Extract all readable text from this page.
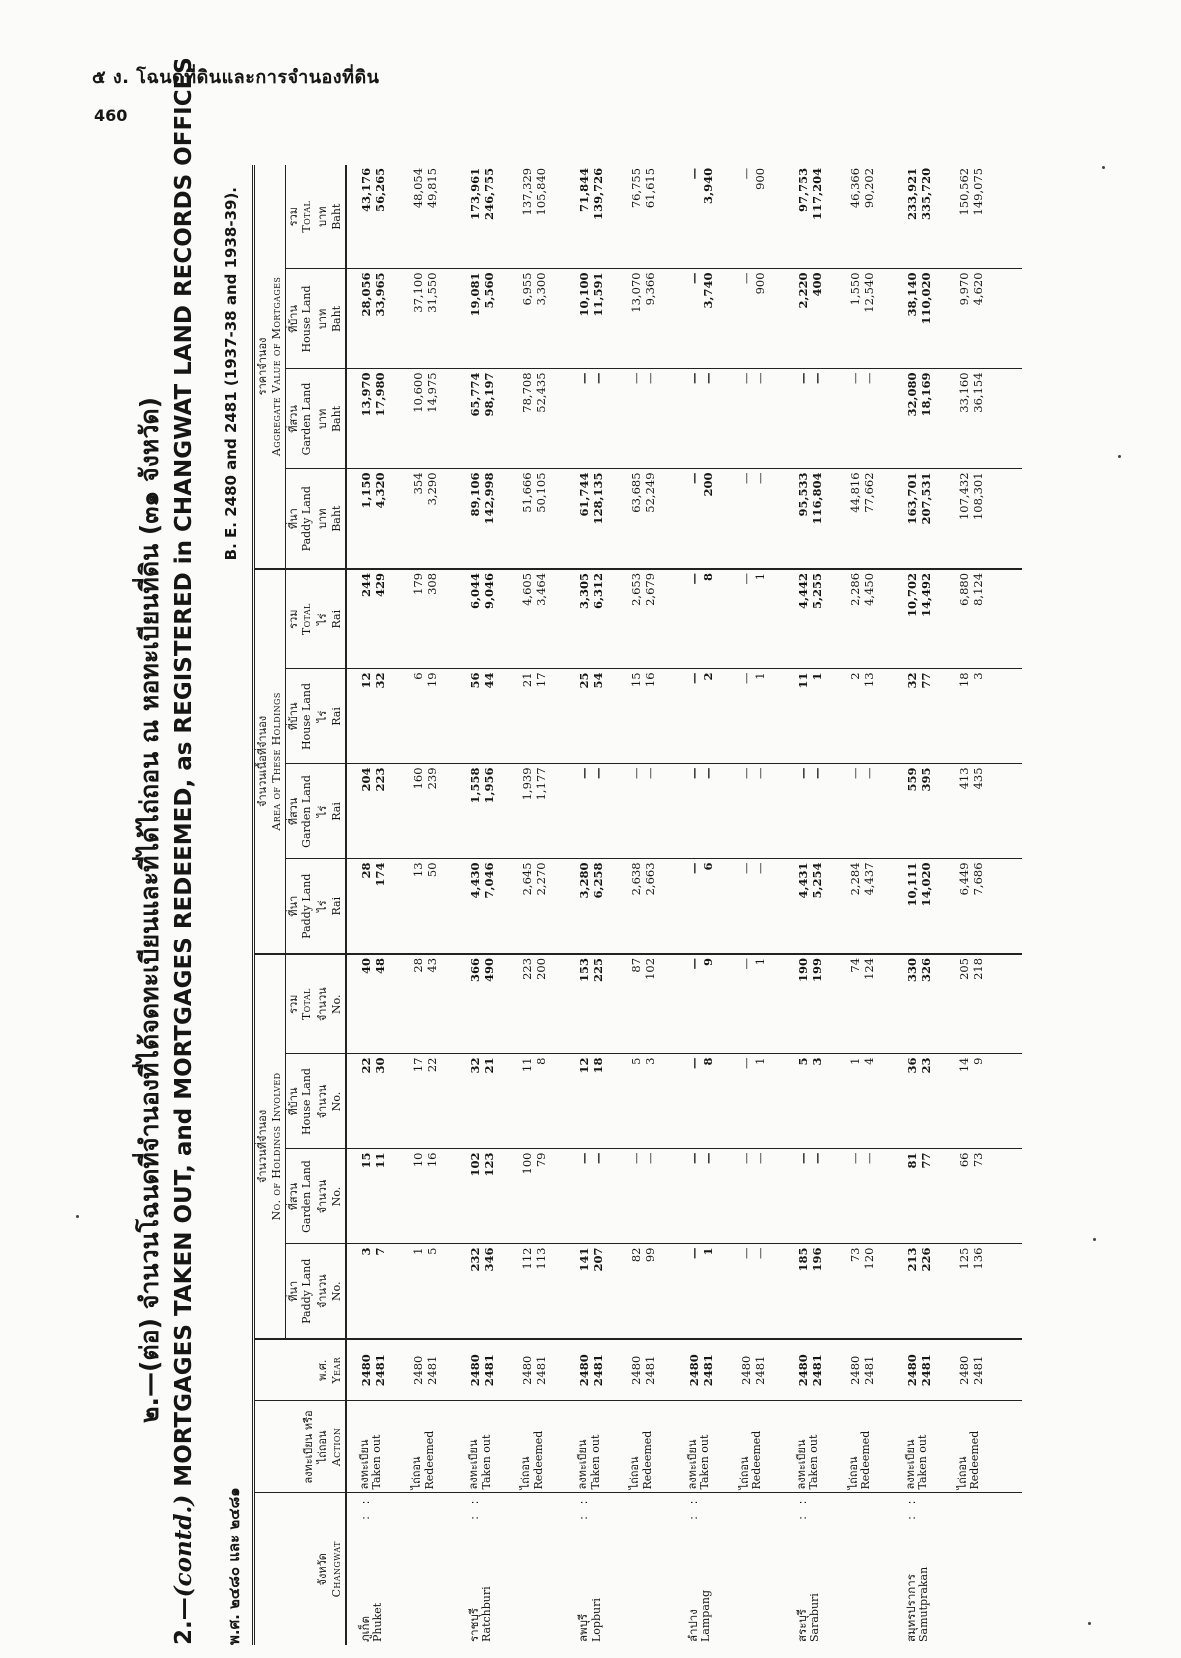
๕ ง. โฉนดที่ดินและการจำนองที่ดิน
460
๒.—(ต่อ) จำนวนโฉนดที่จำนองที่ได้จดทะเบียนและที่ได้ไถ่ถอน ณ หอทะเบียนที่ดิน (๓๑ จังหวัด)
2.—(contd.) MORTGAGES TAKEN OUT, and MORTGAGES REDEEMED, as REGISTERED in CHANGWAT LAND RECORDS OFFICES
พ.ศ. ๒๔๘๐ และ ๒๔๘๑
B. E. 2480 and 2481 (1937-38 and 1938-39).
จังหวัด Changwat	ลงทะเบียน หรือ ไถ่ถอน Action	พ.ศ. Year	จำนวนที่จำนอง No. of Holdings Involved				จำนวนเนื้อที่จำนอง Area of These Holdings				ราคาจำนอง Aggregate Value of Mortgages			

			ที่นา Paddy Land	ที่สวน Garden Land	ที่บ้าน House Land	รวม Total	ที่นา Paddy Land	ที่สวน Garden Land	ที่บ้าน House Land	รวม Total	ที่นา Paddy Land	ที่สวน Garden Land	ที่บ้าน House Land	รวม Total

			จำนวน No.	จำนวน No.	จำนวน No.	จำนวน No.	ไร่ Rai	ไร่ Rai	ไร่ Rai	ไร่ Rai	บาท Baht	บาท Baht	บาท Baht	บาท Baht

: :
ภูเก็ต Phuket	ลงทะเบียน Taken out	2480 2481	3 7	15 11	22 30	40 48	28 174	204 223	12 32	244 429	1,150 4,320	13,970 17,980	28,056 33,965	43,176 56,265

	ไถ่ถอน Redeemed	2480 2481	1 5	10 16	17 22	28 43	13 50	160 239	6 19	179 308	354 3,290	10,600 14,975	37,100 31,550	48,054 49,815

: :
ราชบุรี Ratchburi	ลงทะเบียน Taken out	2480 2481	232 346	102 123	32 21	366 490	4,430 7,046	1,558 1,956	56 44	6,044 9,046	89,106 142,998	65,774 98,197	19,081 5,560	173,961 246,755

	ไถ่ถอน Redeemed	2480 2481	112 113	100 79	11 8	223 200	2,645 2,270	1,939 1,177	21 17	4,605 3,464	51,666 50,105	78,708 52,435	6,955 3,300	137,329 105,840

: :
ลพบุรี Lopburi	ลงทะเบียน Taken out	2480 2481	141 207	— —	12 18	153 225	3,280 6,258	— —	25 54	3,305 6,312	61,744 128,135	— —	10,100 11,591	71,844 139,726

	ไถ่ถอน Redeemed	2480 2481	82 99	— —	5 3	87 102	2,638 2,663	— —	15 16	2,653 2,679	63,685 52,249	— —	13,070 9,366	76,755 61,615

: :
ลำปาง Lampang	ลงทะเบียน Taken out	2480 2481	— 1	— —	— 8	— 9	— 6	— —	— 2	— 8	— 200	— —	— 3,740	— 3,940

	ไถ่ถอน Redeemed	2480 2481	— —	— —	— 1	— 1	— —	— —	— 1	— 1	— —	— —	— 900	— 900

: :
สระบุรี Saraburi	ลงทะเบียน Taken out	2480 2481	185 196	— —	5 3	190 199	4,431 5,254	— —	11 1	4,442 5,255	95,533 116,804	— —	2,220 400	97,753 117,204

	ไถ่ถอน Redeemed	2480 2481	73 120	— —	1 4	74 124	2,284 4,437	— —	2 13	2,286 4,450	44,816 77,662	— —	1,550 12,540	46,366 90,202

: :
สมุทรปราการ Samutprakan	ลงทะเบียน Taken out	2480 2481	213 226	81 77	36 23	330 326	10,111 14,020	559 395	32 77	10,702 14,492	163,701 207,531	32,080 18,169	38,140 110,020	233,921 335,720

	ไถ่ถอน Redeemed	2480 2481	125 136	66 73	14 9	205 218	6,449 7,686	413 435	18 3	6,880 8,124	107,432 108,301	33,160 36,154	9,970 4,620	150,562 149,075
